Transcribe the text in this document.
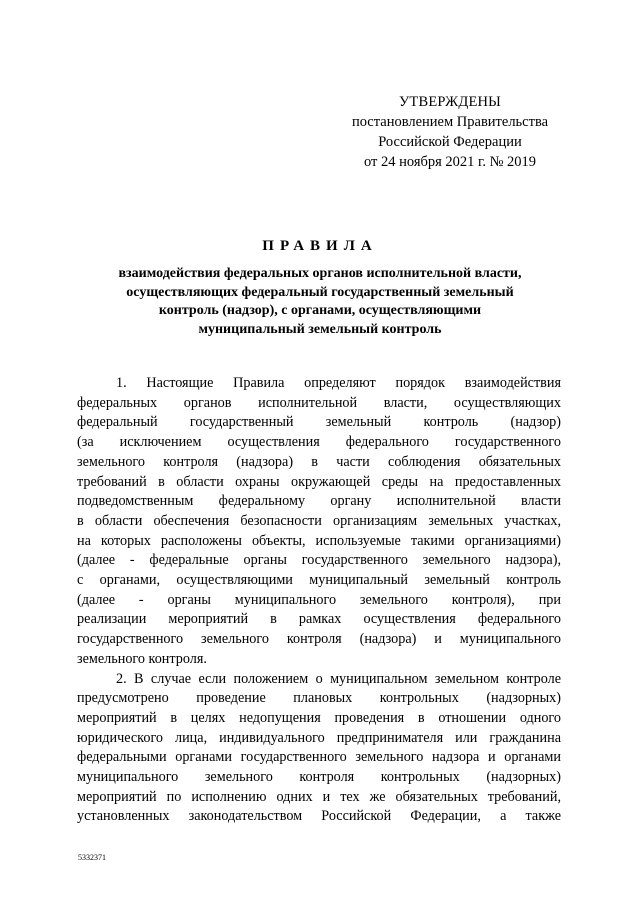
УТВЕРЖДЕНЫ
постановлением Правительства
Российской Федерации
от 24 ноября 2021 г. № 2019
ПРАВИЛА
взаимодействия федеральных органов исполнительной власти,
осуществляющих федеральный государственный земельный
контроль (надзор), с органами, осуществляющими
муниципальный земельный контроль
1. Настоящие Правила определяют порядок взаимодействия
федеральных органов исполнительной власти, осуществляющих
федеральный государственный земельный контроль (надзор)
(за исключением осуществления федерального государственного
земельного контроля (надзора) в части соблюдения обязательных
требований в области охраны окружающей среды на предоставленных
подведомственным федеральному органу исполнительной власти
в области обеспечения безопасности организациям земельных участках,
на которых расположены объекты, используемые такими организациями)
(далее - федеральные органы государственного земельного надзора),
с органами, осуществляющими муниципальный земельный контроль
(далее - органы муниципального земельного контроля), при
реализации мероприятий в рамках осуществления федерального
государственного земельного контроля (надзора) и муниципального
земельного контроля.
2. В случае если положением о муниципальном земельном контроле
предусмотрено проведение плановых контрольных (надзорных)
мероприятий в целях недопущения проведения в отношении одного
юридического лица, индивидуального предпринимателя или гражданина
федеральными органами государственного земельного надзора и органами
муниципального земельного контроля контрольных (надзорных)
мероприятий по исполнению одних и тех же обязательных требований,
установленных законодательством Российской Федерации, а также
5332371
